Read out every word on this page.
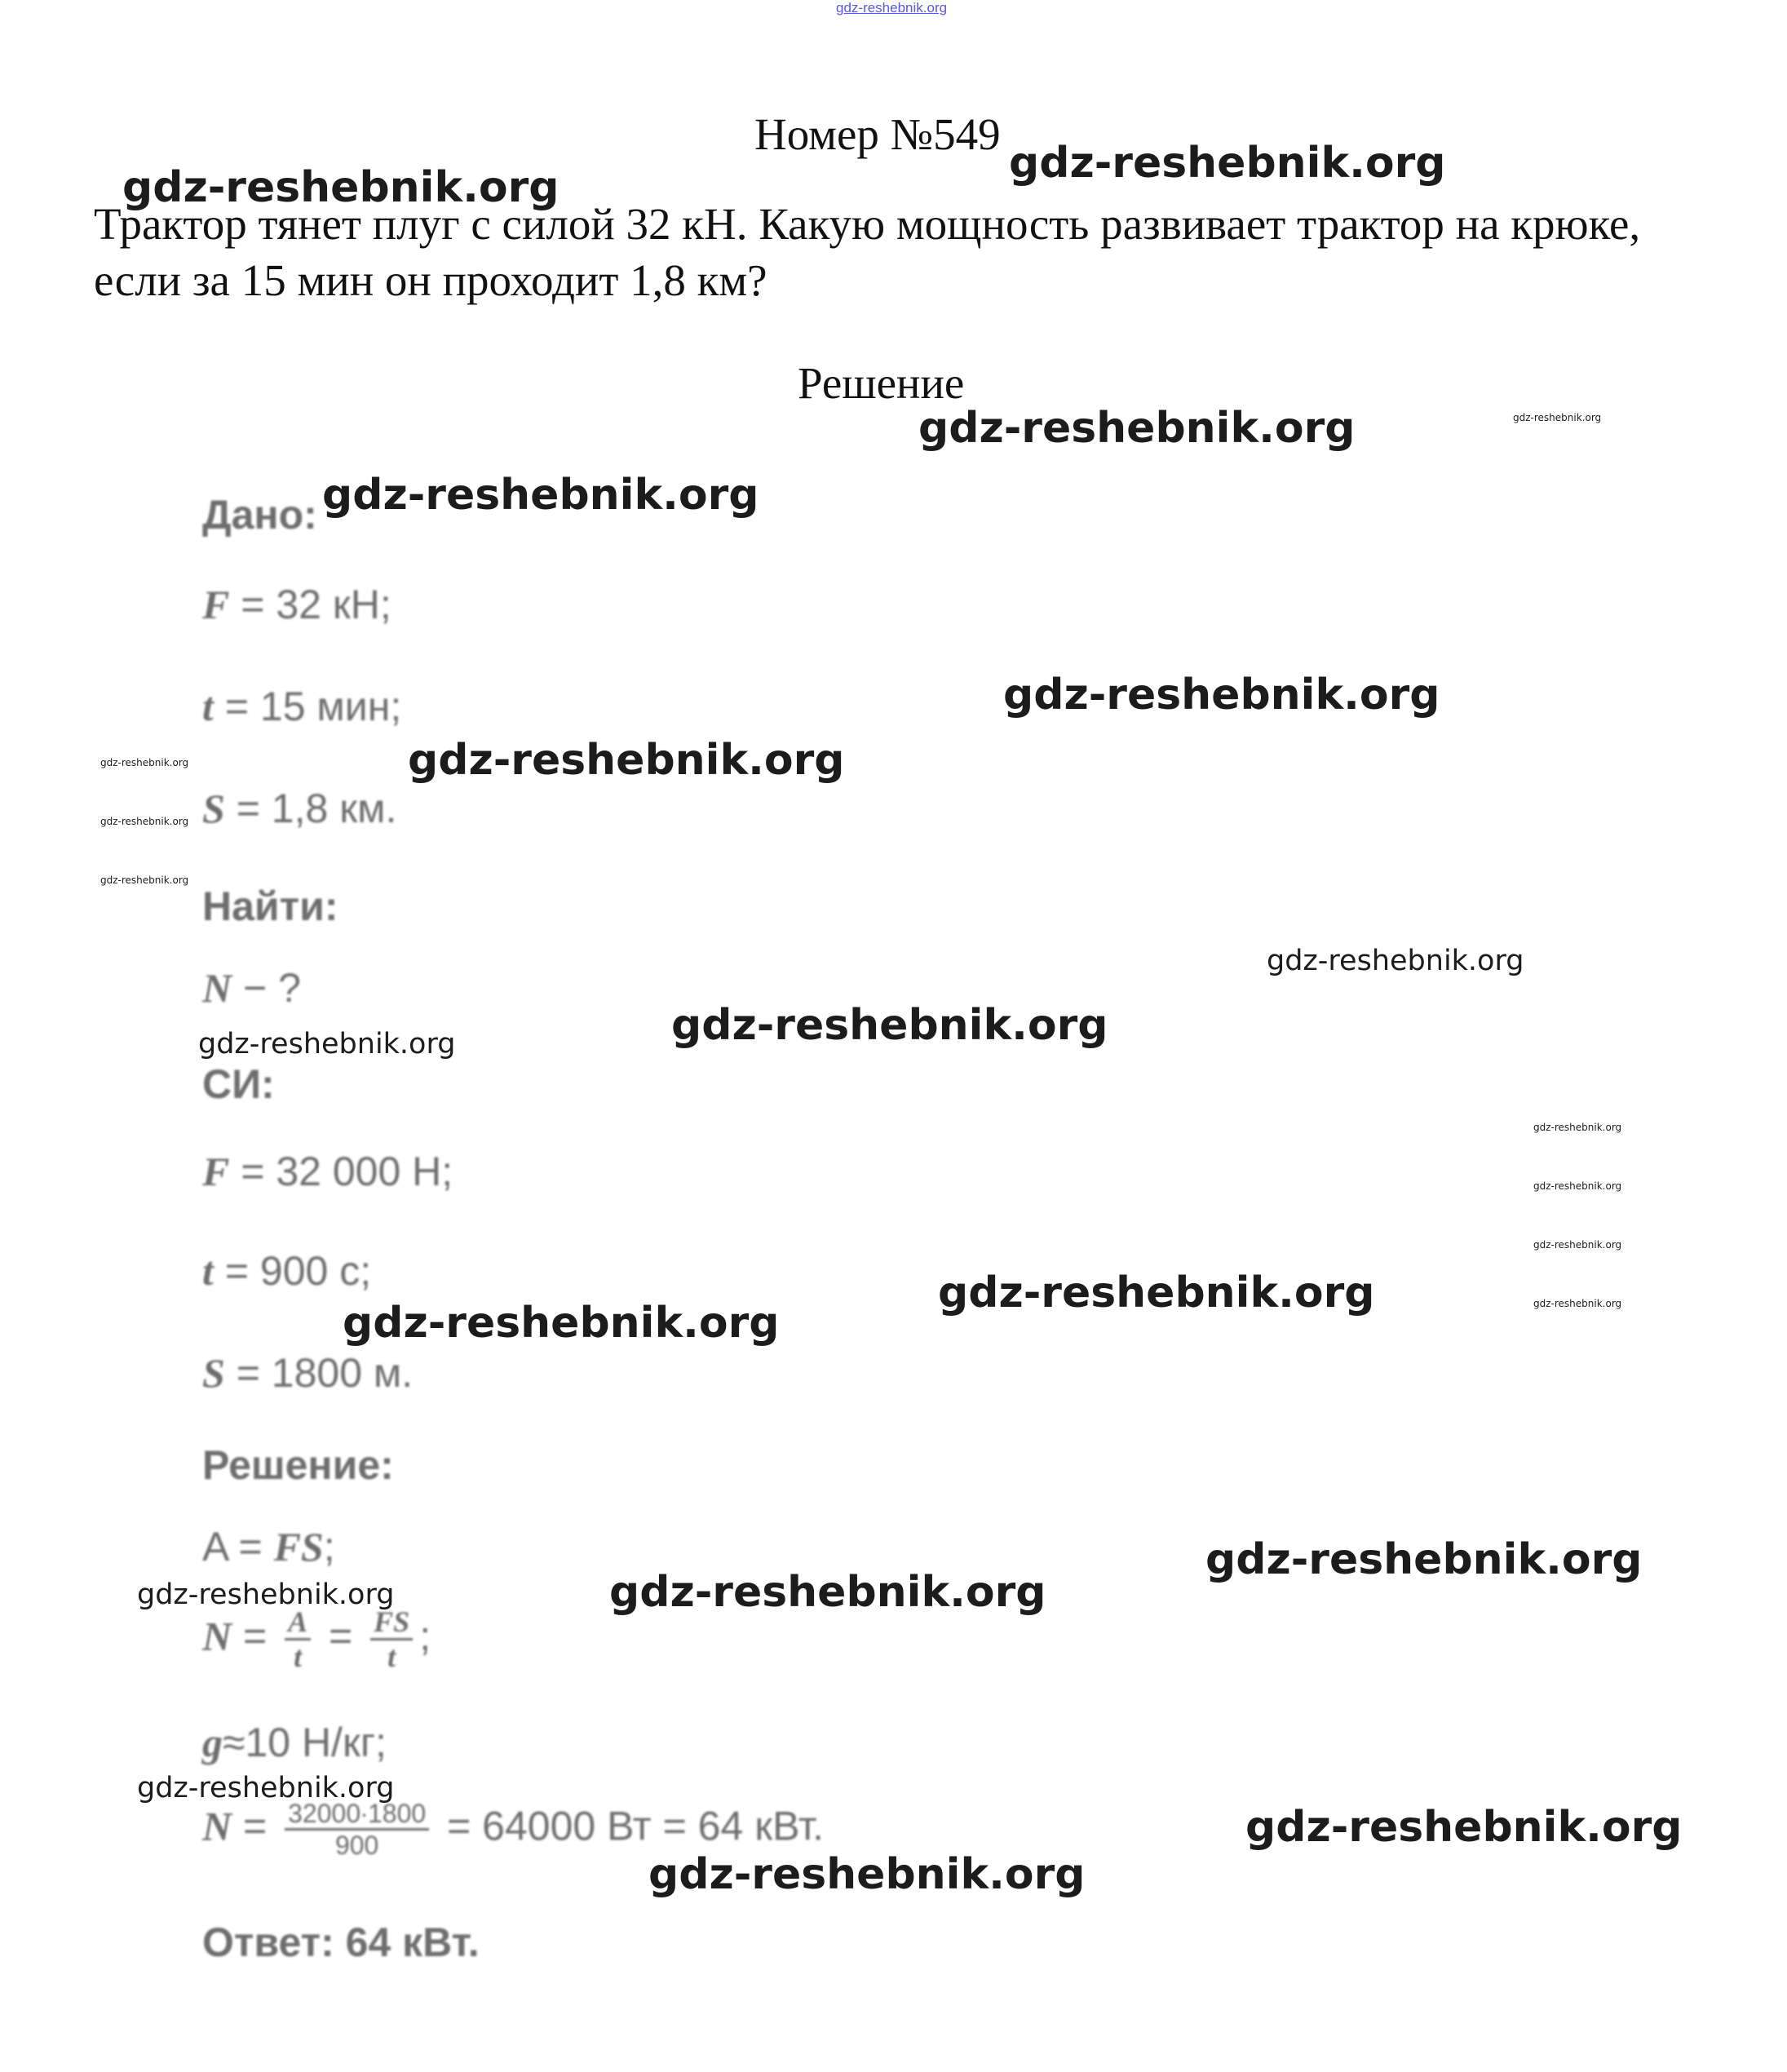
gdz-reshebnik.org
Номер №549
Трактор тянет плуг с силой 32 кН. Какую мощность развивает трактор на крюке, если за 15 мин он проходит 1,8 км?
Решение
Дано:
F = 32 кН;
t = 15 мин;
S = 1,8 км.
Найти:
N − ?
СИ:
F = 32 000 Н;
t = 900 с;
S = 1800 м.
Решение:
A = FS;
$N = \frac{A}{t} = \frac{FS}{t}$ ;
g≈10 Н/кг;
$N = \frac{32000\cdot 1800}{900} = 64000$ Вт = 64 кВт.
Ответ: 64 кВт.
gdz-reshebnik.org	gdz-reshebnik.org
gdz-reshebnik.org	gdz-reshebnik.org
gdz-reshebnik.org
gdz-reshebnik.org
gdz-reshebnik.org
gdz-reshebnik.org
gdz-reshebnik.org
gdz-reshebnik.org
gdz-reshebnik.org
gdz-reshebnik.org
gdz-reshebnik.org
gdz-reshebnik.org
gdz-reshebnik.org
gdz-reshebnik.org
gdz-reshebnik.org
gdz-reshebnik.org
gdz-reshebnik.org
gdz-reshebnik.org
gdz-reshebnik.org	gdz-reshebnik.org
gdz-reshebnik.org
gdz-reshebnik.org
gdz-reshebnik.org
